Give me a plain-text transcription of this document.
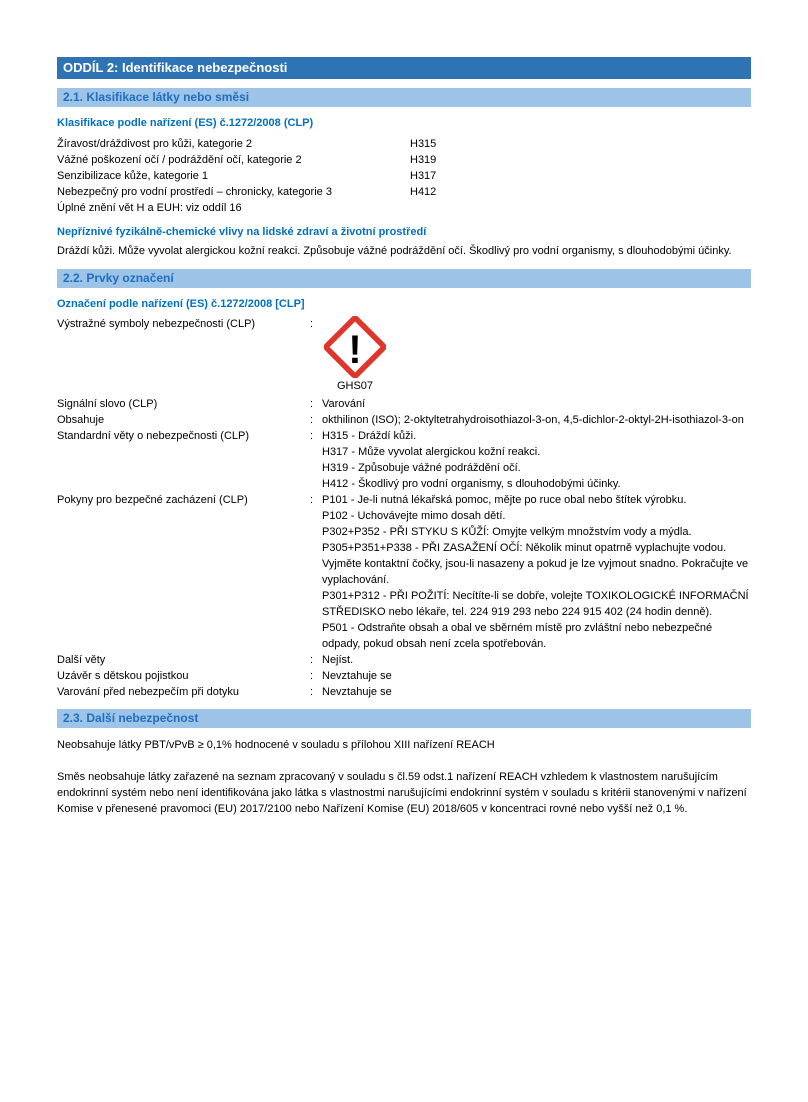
ODDÍL 2: Identifikace nebezpečnosti
2.1. Klasifikace látky nebo směsi
Klasifikace podle nařízení (ES) č.1272/2008 (CLP)
Žíravost/dráždivost pro kůži, kategorie 2	H315
Vážné poškození očí / podráždění očí, kategorie 2	H319
Senzibilizace kůže, kategorie 1	H317
Nebezpečný pro vodní prostředí – chronicky, kategorie 3	H412
Úplné znění vět H a EUH: viz oddíl 16
Nepříznivé fyzikálně-chemické vlivy na lidské zdraví a životní prostředí
Dráždí kůži. Může vyvolat alergickou kožní reakci. Způsobuje vážné podráždění očí. Škodlivý pro vodní organismy, s dlouhodobými účinky.
2.2. Prvky označení
Označení podle nařízení (ES) č.1272/2008 [CLP]
Výstražné symboly nebezpečnosti (CLP)	:
!
GHS07
Signální slovo (CLP)	: Varování
Obsahuje	: okthilinon (ISO); 2-oktyltetrahydroisothiazol-3-on, 4,5-dichlor-2-oktyl-2H-isothiazol-3-on
Standardní věty o nebezpečnosti (CLP)	: H315 - Dráždí kůži.
H317 - Může vyvolat alergickou kožní reakci.
H319 - Způsobuje vážné podráždění očí.
H412 - Škodlivý pro vodní organismy, s dlouhodobými účinky.
Pokyny pro bezpečné zacházení (CLP)	: P101 - Je-li nutná lékařská pomoc, mějte po ruce obal nebo štítek výrobku.
P102 - Uchovávejte mimo dosah dětí.
P302+P352 - PŘI STYKU S KŮŽÍ: Omyjte velkým množstvím vody a mýdla.
P305+P351+P338 - PŘI ZASAŽENÍ OČÍ: Několik minut opatrně vyplachujte vodou. Vyjměte kontaktní čočky, jsou-li nasazeny a pokud je lze vyjmout snadno. Pokračujte ve vyplachování.
P301+P312 - PŘI POŽITÍ: Necítíte-li se dobře, volejte TOXIKOLOGICKÉ INFORMAČNÍ STŘEDISKO nebo lékaře, tel. 224 919 293 nebo 224 915 402 (24 hodin denně).
P501 - Odstraňte obsah a obal ve sběrném místě pro zvláštní nebo nebezpečné odpady, pokud obsah není zcela spotřebován.
Další věty	: Nejíst.
Uzávěr s dětskou pojistkou	: Nevztahuje se
Varování před nebezpečím při dotyku	: Nevztahuje se
2.3. Další nebezpečnost
Neobsahuje látky PBT/vPvB ≥ 0,1% hodnocené v souladu s přílohou XIII nařízení REACH
Směs neobsahuje látky zařazené na seznam zpracovaný v souladu s čl.59 odst.1 nařízení REACH vzhledem k vlastnostem narušujícím endokrinní systém nebo není identifikována jako látka s vlastnostmi narušujícími endokrinní systém v souladu s kritérii stanovenými v nařízení Komise v přenesené pravomoci (EU) 2017/2100 nebo Nařízení Komise (EU) 2018/605 v koncentraci rovné nebo vyšší než 0,1 %.
